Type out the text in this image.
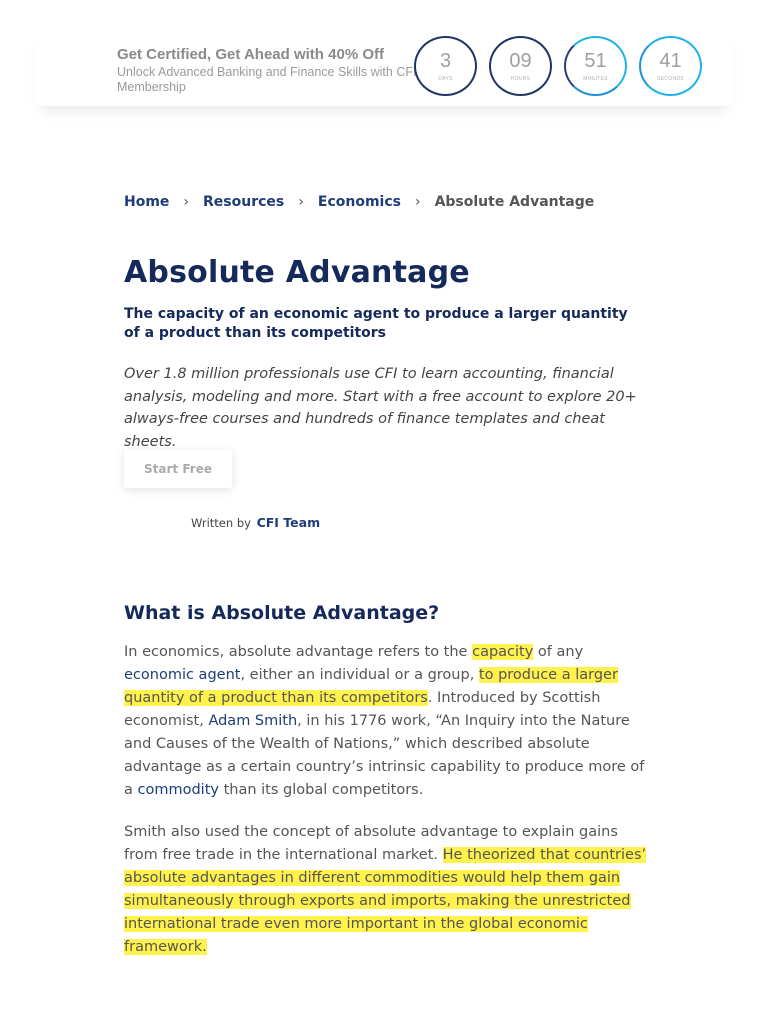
Get Certified, Get Ahead with 40% Off
Unlock Advanced Banking and Finance Skills with CFI Membership
3
DAYS
09
HOURS
51
MINUTES
41
SECONDS
Home › Resources › Economics › Absolute Advantage
Absolute Advantage

The capacity of an economic agent to produce a larger quantity of a product than its competitors

Over 1.8 million professionals use CFI to learn accounting, financial analysis, modeling and more. Start with a free account to explore 20+ always-free courses and hundreds of finance templates and cheat sheets.

Start Free
Written by CFI Team
What is Absolute Advantage?

In economics, absolute advantage refers to the capacity of any economic agent, either an individual or a group, to produce a larger quantity of a product than its competitors. Introduced by Scottish economist, Adam Smith, in his 1776 work, “An Inquiry into the Nature and Causes of the Wealth of Nations,” which described absolute advantage as a certain country’s intrinsic capability to produce more of a commodity than its global competitors.

Smith also used the concept of absolute advantage to explain gains from free trade in the international market. He theorized that countries’ absolute advantages in different commodities would help them gain simultaneously through exports and imports, making the unrestricted international trade even more important in the global economic framework.
